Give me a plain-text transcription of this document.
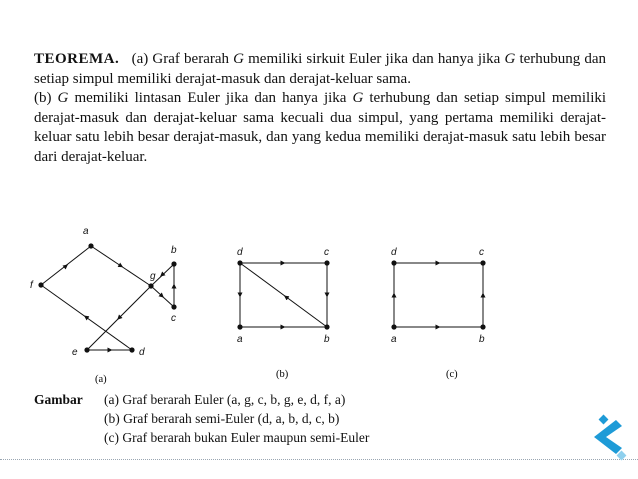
TEOREMA. (a) Graf berarah G memiliki sirkuit Euler jika dan hanya jika G terhubung dan setiap simpul memiliki derajat-masuk dan derajat-keluar sama.

(b) G memiliki lintasan Euler jika dan hanya jika G terhubung dan setiap simpul memiliki derajat-masuk dan derajat-keluar sama kecuali dua simpul, yang pertama memiliki derajat-keluar satu lebih besar derajat-masuk, dan yang kedua memiliki derajat-masuk satu lebih besar dari derajat-keluar.

a
b
g
c
f
e	d
(a)
d	c
a	b
(b)
d	c
a	b
(c)
Gambar (a) Graf berarah Euler (a, g, c, b, g, e, d, f, a)
(b) Graf berarah semi-Euler (d, a, b, d, c, b)
(c) Graf berarah bukan Euler maupun semi-Euler
